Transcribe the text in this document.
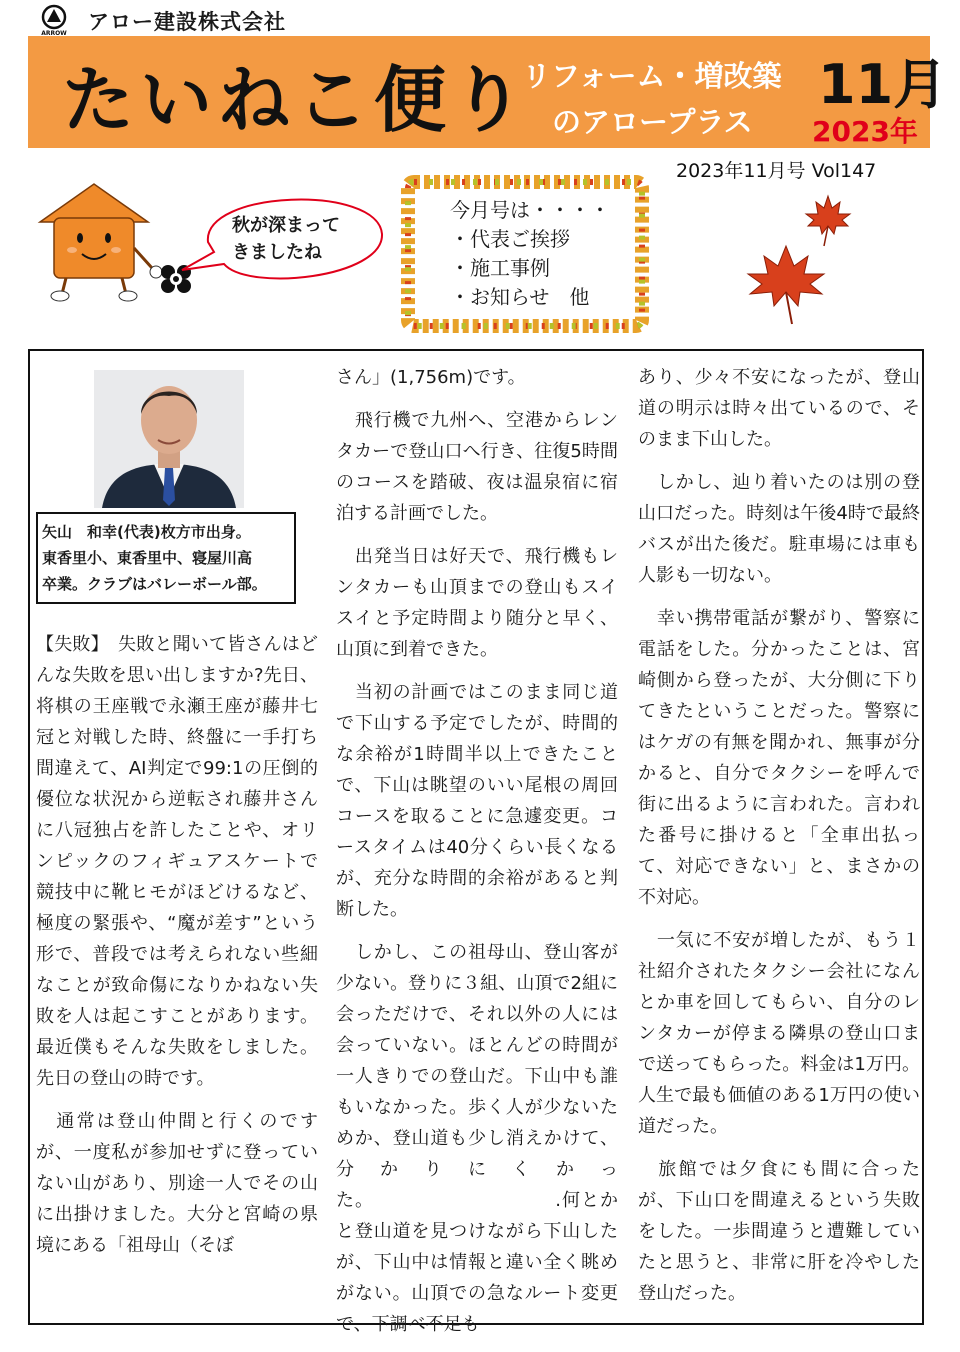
ARROW アロー建設株式会社
たいねこ便り
リフォーム・増改築
のアロープラス
11月
2023年
2023年11月号 Vol147
秋が深まって
きましたね
今月号は・・・・
・代表ご挨拶
・施工事例
・お知らせ　他
矢山　和幸(代表)枚方市出身。
東香里小、東香里中、寝屋川高
卒業。クラブはバレーボール部。

【失敗】　失敗と聞いて皆さんはどんな失敗を思い出しますか?先日、将棋の王座戦で永瀬王座が藤井七冠と対戦した時、終盤に一手打ち間違えて、AI判定で99:1の圧倒的優位な状況から逆転され藤井さんに八冠独占を許したことや、オリンピックのフィギュアスケートで競技中に靴ヒモがほどけるなど、極度の緊張や、“魔が差す”という形で、普段では考えられない些細なことが致命傷になりかねない失敗を人は起こすことがあります。最近僕もそんな失敗をしました。先日の登山の時です。

　通常は登山仲間と行くのですが、一度私が参加せずに登っていない山があり、別途一人でその山に出掛けました。大分と宮崎の県境にある「祖母山（そぼ

さん」(1,756m)です。

　飛行機で九州へ、空港からレンタカーで登山口へ行き、往復5時間のコースを踏破、夜は温泉宿に宿泊する計画でした。

　出発当日は好天で、飛行機もレンタカーも山頂までの登山もスイスイと予定時間より随分と早く、山頂に到着できた。

　当初の計画ではこのまま同じ道で下山する予定でしたが、時間的な余裕が1時間半以上できたことで、下山は眺望のいい尾根の周回コースを取ることに急遽変更。コースタイムは40分くらい長くなるが、充分な時間的余裕があると判断した。

　しかし、この祖母山、登山客が少ない。登りに３組、山頂で2組に会っただけで、それ以外の人には会っていない。ほとんどの時間が一人きりでの登山だ。下山中も誰もいなかった。歩く人が少ないためか、登山道も少し消えかけて、分かりにくかった。　　　　　　　　　　.何とかと登山道を見つけながら下山したが、下山中は情報と違い全く眺めがない。山頂での急なルート変更で、下調べ不足も

あり、少々不安になったが、登山道の明示は時々出ているので、そのまま下山した。

　しかし、辿り着いたのは別の登山口だった。時刻は午後4時で最終バスが出た後だ。駐車場には車も人影も一切ない。

　幸い携帯電話が繋がり、警察に電話をした。分かったことは、宮崎側から登ったが、大分側に下りてきたということだった。警察にはケガの有無を聞かれ、無事が分かると、自分でタクシーを呼んで街に出るように言われた。言われた番号に掛けると「全車出払って、対応できない」と、まさかの不対応。

　一気に不安が増したが、もう１社紹介されたタクシー会社になんとか車を回してもらい、自分のレンタカーが停まる隣県の登山口まで送ってもらった。料金は1万円。人生で最も価値のある1万円の使い道だった。

　旅館では夕食にも間に合ったが、下山口を間違えるという失敗をした。一歩間違うと遭難していたと思うと、非常に肝を冷やした登山だった。
